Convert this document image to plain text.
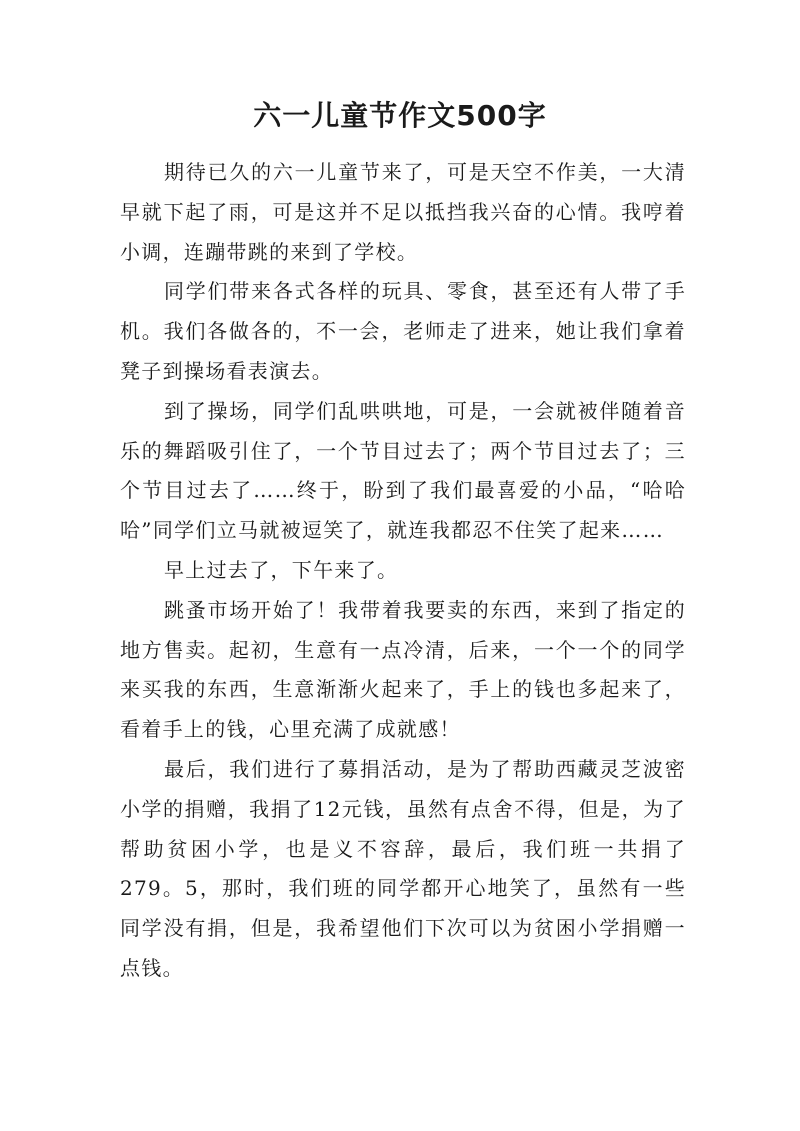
六一儿童节作文500字

期待已久的六一儿童节来了，可是天空不作美，一大清早就下起了雨，可是这并不足以抵挡我兴奋的心情。我哼着小调，连蹦带跳的来到了学校。

同学们带来各式各样的玩具、零食，甚至还有人带了手机。我们各做各的，不一会，老师走了进来，她让我们拿着凳子到操场看表演去。

到了操场，同学们乱哄哄地，可是，一会就被伴随着音乐的舞蹈吸引住了，一个节目过去了；两个节目过去了；三个节目过去了……终于，盼到了我们最喜爱的小品，“哈哈哈”同学们立马就被逗笑了，就连我都忍不住笑了起来……

早上过去了，下午来了。

跳蚤市场开始了！我带着我要卖的东西，来到了指定的地方售卖。起初，生意有一点冷清，后来，一个一个的同学来买我的东西，生意渐渐火起来了，手上的钱也多起来了，看着手上的钱，心里充满了成就感！

最后，我们进行了募捐活动，是为了帮助西藏灵芝波密小学的捐赠，我捐了12元钱，虽然有点舍不得，但是，为了帮助贫困小学，也是义不容辞，最后，我们班一共捐了279。5，那时，我们班的同学都开心地笑了，虽然有一些同学没有捐，但是，我希望他们下次可以为贫困小学捐赠一点钱。
